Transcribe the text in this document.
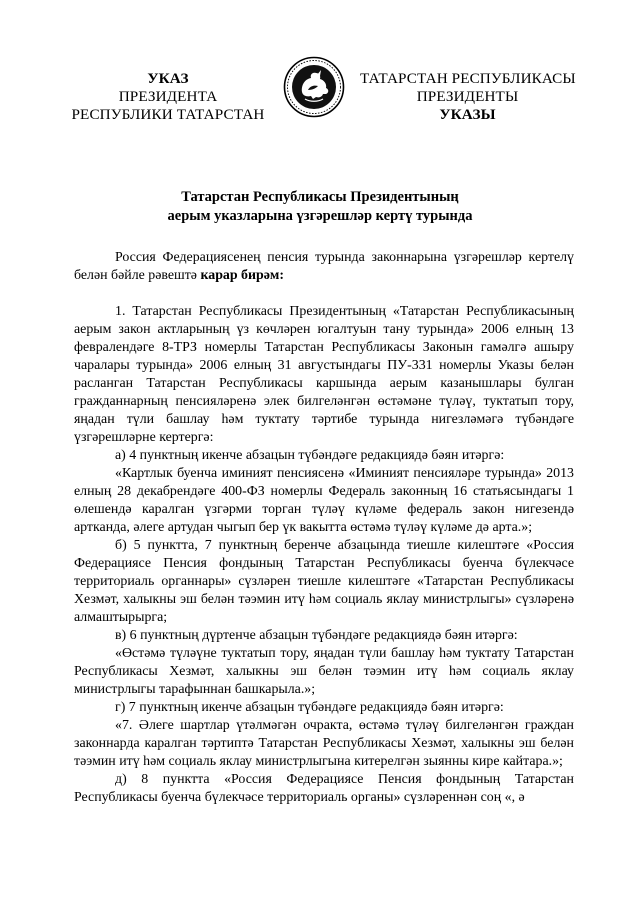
УКАЗ
ПРЕЗИДЕНТА
РЕСПУБЛИКИ ТАТАРСТАН
ТАТАРСТАН РЕСПУБЛИКАСЫ
ПРЕЗИДЕНТЫ
УКАЗЫ
Татарстан Республикасы Президентының
аерым указларына үзгәрешләр кертү турында

Россия Федерациясенең пенсия турында законнарына үзгәрешләр кертелү белән бәйле рәвештә карар бирәм:

1. Татарстан Республикасы Президентының «Татарстан Республикасының аерым закон актларының үз көчләрен югалтуын тану турында» 2006 елның 13 февралендәге 8-ТРЗ номерлы Татарстан Республикасы Законын гамәлгә ашыру чаралары турында» 2006 елның 31 августындагы ПУ-331 номерлы Указы белән расланган Татарстан Республикасы каршында аерым казанышлары булган гражданнарның пенсияләренә элек билгеләнгән өстәмәне түләү, туктатып тору, яңадан түли башлау һәм туктату тәртибе турында нигезләмәгә түбәндәге үзгәрешләрне кертергә:

а) 4 пунктның икенче абзацын түбәндәге редакциядә бәян итәргә:

«Картлык буенча иминият пенсиясенә «Иминият пенсияләре турында» 2013 елның 28 декабрендәге 400-ФЗ номерлы Федераль законның 16 статьясындагы 1 өлешендә каралган үзгәрми торган түләү күләме федераль закон нигезендә артканда, әлеге артудан чыгып бер үк вакытта өстәмә түләү күләме дә арта.»;

б) 5 пунктта, 7 пунктның беренче абзацында тиешле килештәге «Россия Федерациясе Пенсия фондының Татарстан Республикасы буенча бүлекчәсе территориаль органнары» сүзләрен тиешле килештәге «Татарстан Республикасы Хезмәт, халыкны эш белән тәэмин итү һәм социаль яклау министрлыгы» сүзләренә алмаштырырга;

в) 6 пунктның дүртенче абзацын түбәндәге редакциядә бәян итәргә:

«Өстәмә түләүне туктатып тору, яңадан түли башлау һәм туктату Татарстан Республикасы Хезмәт, халыкны эш белән тәэмин итү һәм социаль яклау министрлыгы тарафыннан башкарыла.»;

г) 7 пунктның икенче абзацын түбәндәге редакциядә бәян итәргә:

«7. Әлеге шартлар үтәлмәгән очракта, өстәмә түләү билгеләнгән граждан законнарда каралган тәртиптә Татарстан Республикасы Хезмәт, халыкны эш белән тәэмин итү һәм социаль яклау министрлыгына китерелгән зыянны кире кайтара.»;

д) 8 пунктта «Россия Федерациясе Пенсия фондының Татарстан Республикасы буенча бүлекчәсе территориаль органы» сүзләреннән соң «, ә
